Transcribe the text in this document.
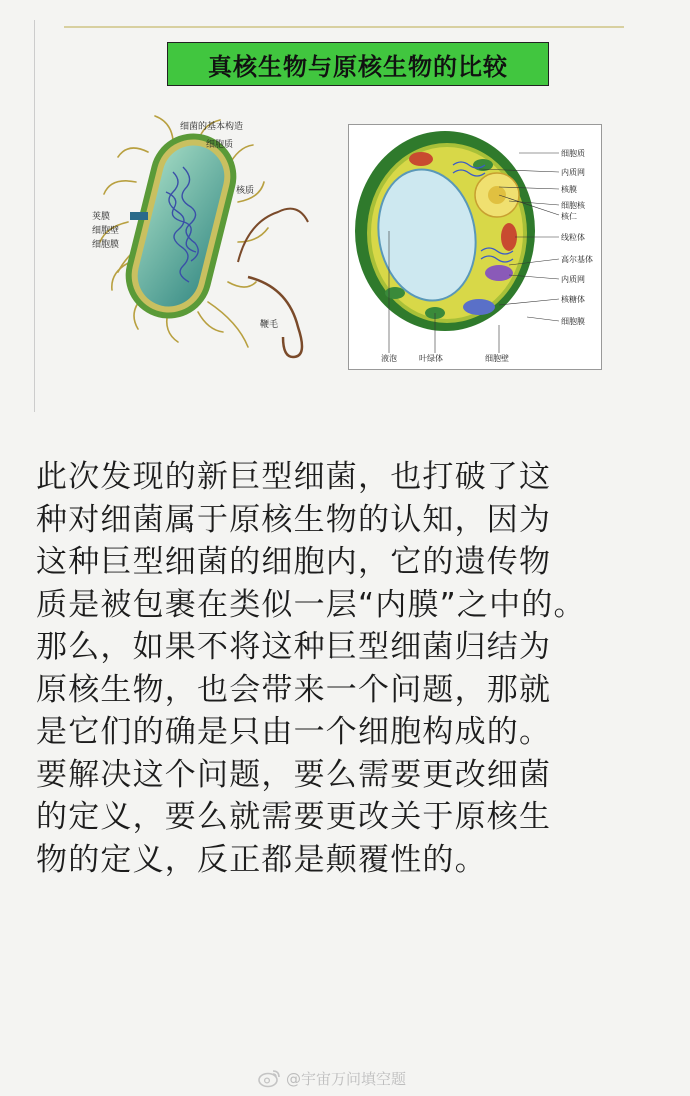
真核生物与原核生物的比较
细菌的基本构造
细胞质
核质
荚膜
细胞壁
细胞膜
鞭毛
细胞质
内质网
核膜
细胞核
核仁
线粒体
高尔基体
内质网
核糖体
细胞膜
液泡	叶绿体	细胞壁
此次发现的新巨型细菌，也打破了这
种对细菌属于原核生物的认知，因为
这种巨型细菌的细胞内，它的遗传物
质是被包裹在类似一层“内膜”之中的。
那么，如果不将这种巨型细菌归结为
原核生物，也会带来一个问题，那就
是它们的确是只由一个细胞构成的。
要解决这个问题，要么需要更改细菌
的定义，要么就需要更改关于原核生
物的定义，反正都是颠覆性的。
@宇宙万问填空题
